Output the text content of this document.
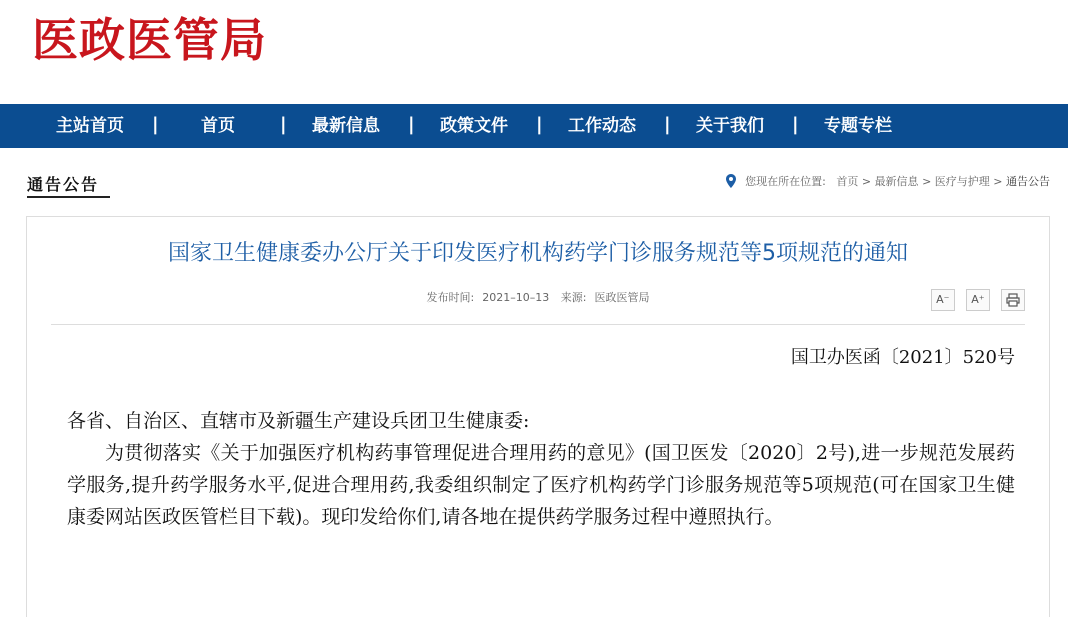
医政医管局
主站首页	|	首页	|	最新信息	|	政策文件	|	工作动态	|	关于我们	|	专题专栏
通告公告	您现在所在位置: 首页 > 最新信息 > 医疗与护理 > 通告公告
国家卫生健康委办公厅关于印发医疗机构药学门诊服务规范等5项规范的通知
发布时间: 2021–10–13 来源: 医政医管局	A⁻ A⁺
国卫办医函〔2021〕520号
各省、自治区、直辖市及新疆生产建设兵团卫生健康委:
为贯彻落实《关于加强医疗机构药事管理促进合理用药的意见》(国卫医发〔2020〕2号),进一步规范发展药学服务,提升药学服务水平,促进合理用药,我委组织制定了医疗机构药学门诊服务规范等5项规范(可在国家卫生健康委网站医政医管栏目下载)。现印发给你们,请各地在提供药学服务过程中遵照执行。
